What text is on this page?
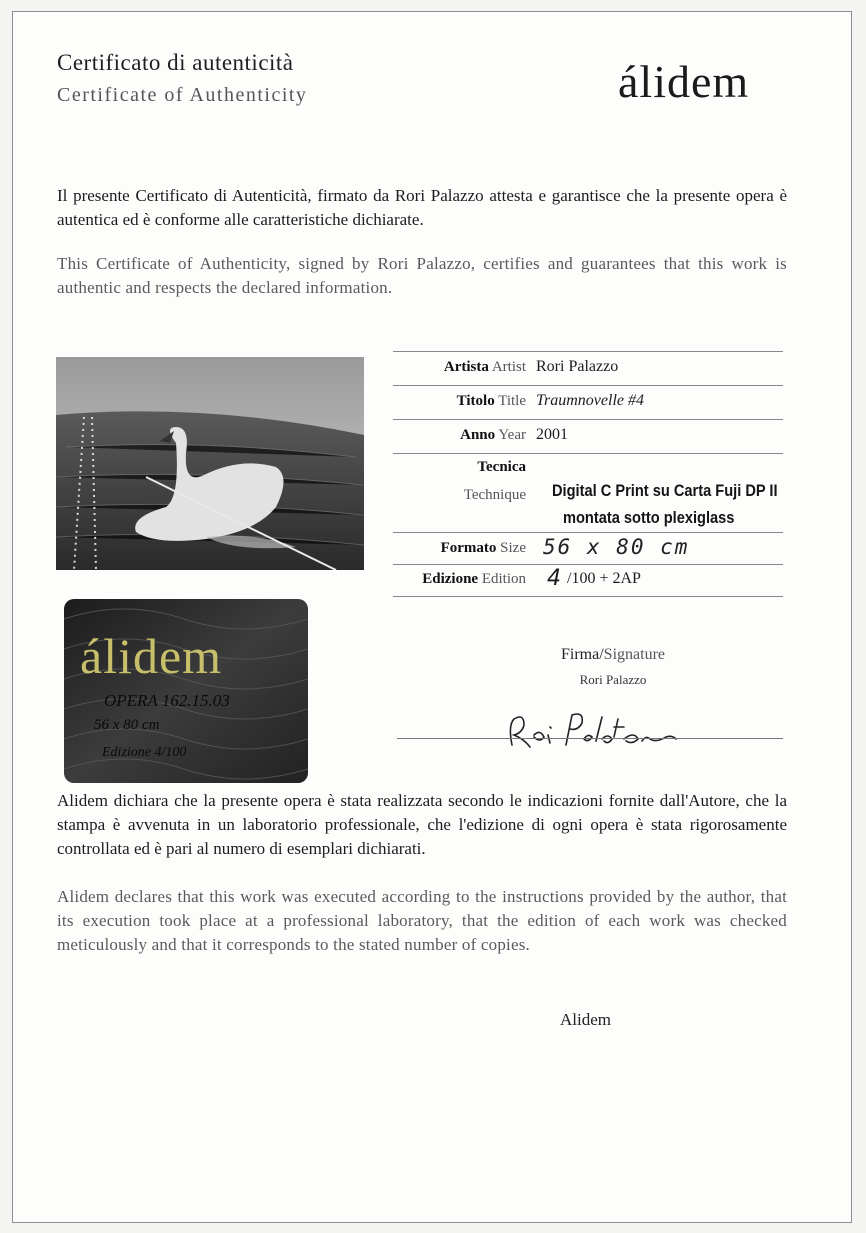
Certificato di autenticità
Certificate of Authenticity	álidem
Il presente Certificato di Autenticità, firmato da Rori Palazzo attesta e garantisce che la presente opera è autentica ed è conforme alle caratteristiche dichiarate.
This Certificate of Authenticity, signed by Rori Palazzo, certifies and guarantees that this work is authentic and respects the declared information.
Artista Artist Rori Palazzo
Titolo Title Traumnovelle #4
Anno Year 2001
Tecnica
Technique Digital C Print su Carta Fuji DP II
montata sotto plexiglass
Formato Size 56 x 80 cm
Edizione Edition 4 /100 + 2AP
álidem
OPERA 162.15.03
56 x 80 cm
Edizione 4/100
Firma/Signature
Rori Palazzo
Alidem dichiara che la presente opera è stata realizzata secondo le indicazioni fornite dall'Autore, che la stampa è avvenuta in un laboratorio professionale, che l'edizione di ogni opera è stata rigorosamente controllata ed è pari al numero di esemplari dichiarati.
Alidem declares that this work was executed according to the instructions provided by the author, that its execution took place at a professional laboratory, that the edition of each work was checked meticulously and that it corresponds to the stated number of copies.
Alidem
